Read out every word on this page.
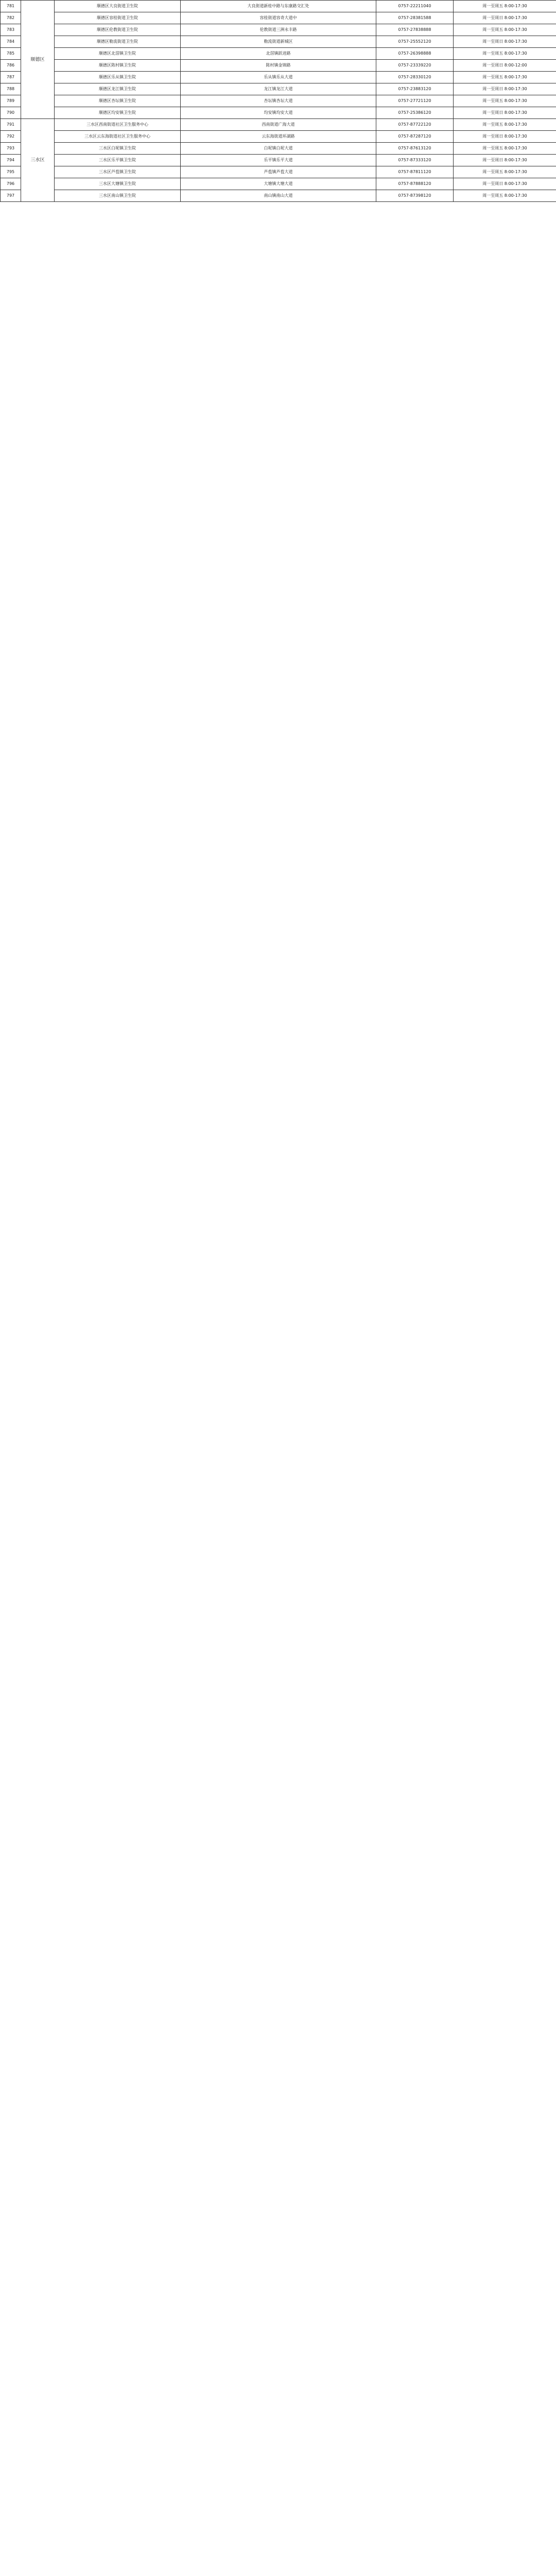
781	顺德区	顺德区大良街道卫生院	大良街道新桂中路与东康路交汇处	0757-22211040	周一至周五 8:00-17:30
782		顺德区容桂街道卫生院	容桂街道容奇大道中	0757-28381588	周一至周日 8:00-17:30
783		顺德区伦教街道卫生院	伦教街道三洲永丰路	0757-27838888	周一至周五 8:00-17:30
784		顺德区勒流街道卫生院	勒流街道新城区	0757-25552120	周一至周日 8:00-17:30
785		顺德区北滘镇卫生院	北滘镇跃进路	0757-26398888	周一至周五 8:00-17:30
786		顺德区陈村镇卫生院	陈村镇金锦路	0757-23339220	周一至周日 8:00-12:00
787		顺德区乐从镇卫生院	乐从镇乐从大道	0757-28330120	周一至周五 8:00-17:30
788		顺德区龙江镇卫生院	龙江镇龙江大道	0757-23883120	周一至周日 8:00-17:30
789		顺德区杏坛镇卫生院	杏坛镇杏坛大道	0757-27721120	周一至周五 8:00-17:30
790		顺德区均安镇卫生院	均安镇均安大道	0757-25386120	周一至周日 8:00-17:30
791	三水区	三水区西南街道社区卫生服务中心	西南街道广海大道	0757-87722120	周一至周五 8:00-17:30
792		三水区云东海街道社区卫生服务中心	云东海街道环湖路	0757-87287120	周一至周日 8:00-17:30
793		三水区白坭镇卫生院	白坭镇白坭大道	0757-87613120	周一至周五 8:00-17:30
794		三水区乐平镇卫生院	乐平镇乐平大道	0757-87333120	周一至周日 8:00-17:30
795		三水区芦苞镇卫生院	芦苞镇芦苞大道	0757-87811120	周一至周五 8:00-17:30
796		三水区大塘镇卫生院	大塘镇大塘大道	0757-87888120	周一至周日 8:00-17:30
797		三水区南山镇卫生院	南山镇南山大道	0757-87398120	周一至周五 8:00-17:30
